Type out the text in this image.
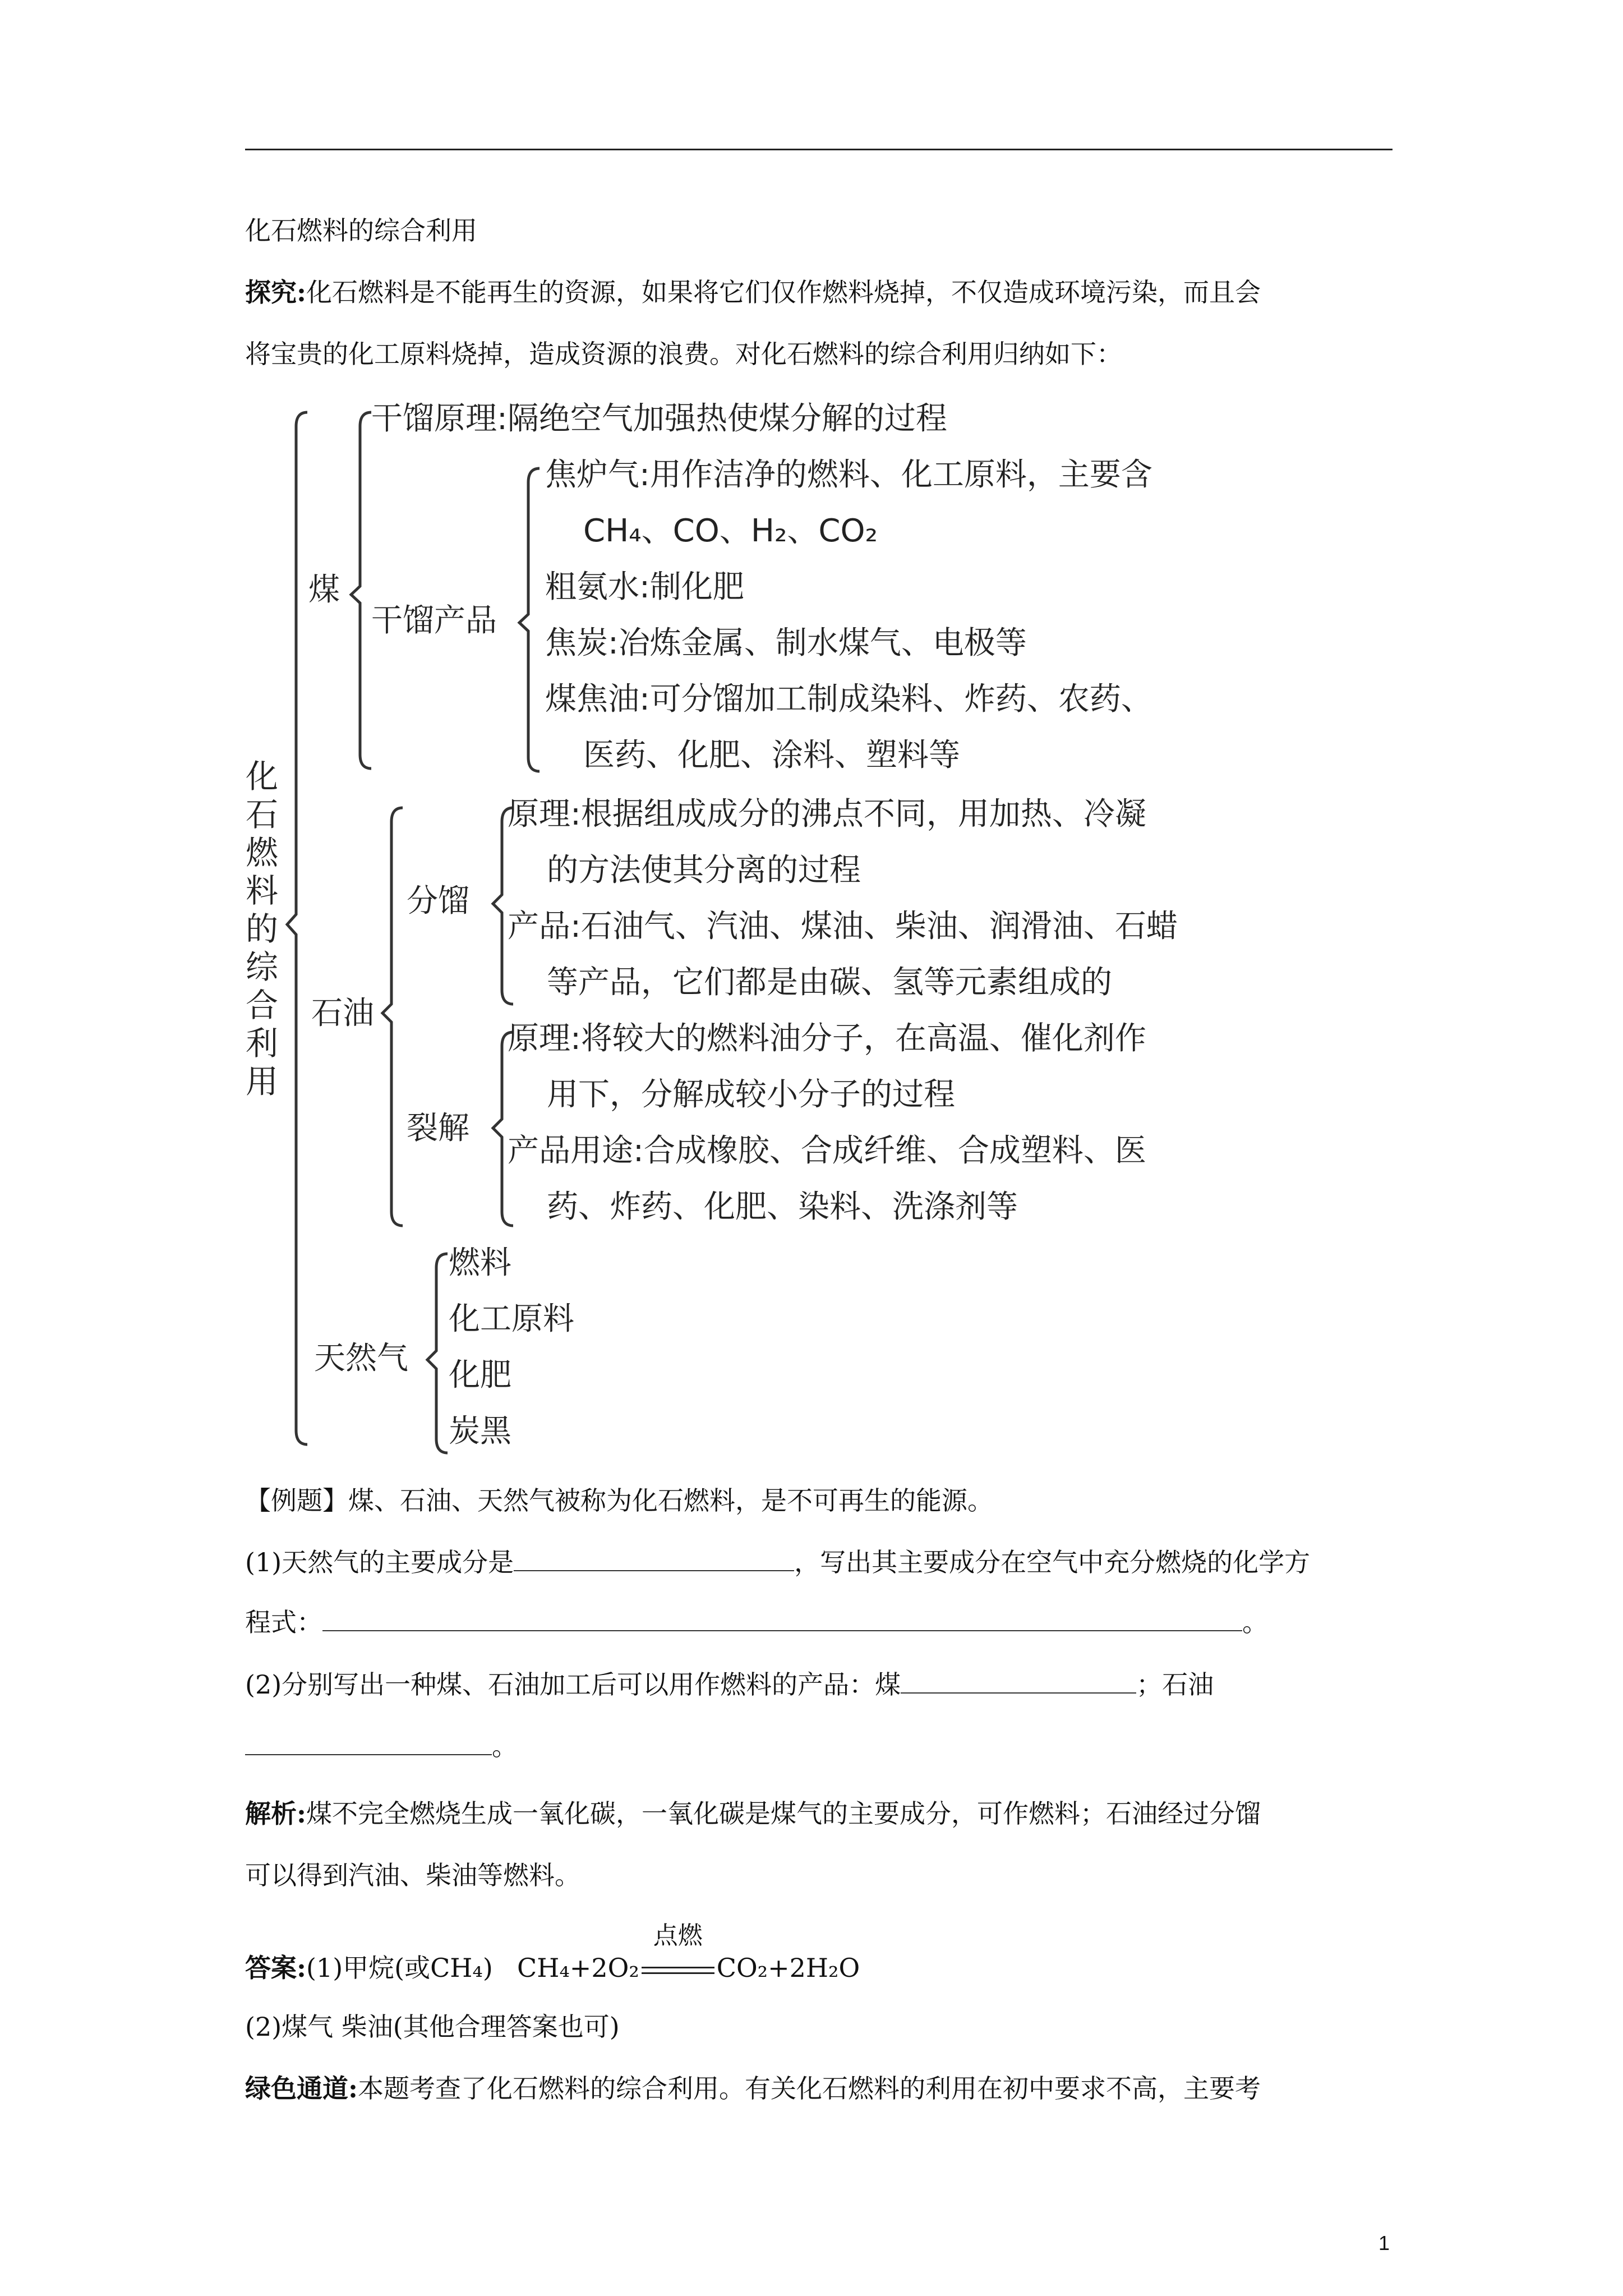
化石燃料的综合利用
探究:化石燃料是不能再生的资源，如果将它们仅作燃料烧掉，不仅造成环境污染，而且会
将宝贵的化工原料烧掉，造成资源的浪费。对化石燃料的综合利用归纳如下：
化石燃料的综合利用
煤
干馏原理:隔绝空气加强热使煤分解的过程
干馏产品
焦炉气:用作洁净的燃料、化工原料，主要含
CH₄、CO、H₂、CO₂
粗氨水:制化肥
焦炭:冶炼金属、制水煤气、电极等
煤焦油:可分馏加工制成染料、炸药、农药、
医药、化肥、涂料、塑料等
石油
分馏
原理:根据组成成分的沸点不同，用加热、冷凝
的方法使其分离的过程
产品:石油气、汽油、煤油、柴油、润滑油、石蜡
等产品，它们都是由碳、氢等元素组成的
裂解
原理:将较大的燃料油分子，在高温、催化剂作
用下，分解成较小分子的过程
产品用途:合成橡胶、合成纤维、合成塑料、医
药、炸药、化肥、染料、洗涤剂等
天然气
燃料
化工原料
化肥
炭黑
【例题】煤、石油、天然气被称为化石燃料，是不可再生的能源。
(1)天然气的主要成分是	，写出其主要成分在空气中充分燃烧的化学方
程式：	。
(2)分别写出一种煤、石油加工后可以用作燃料的产品：煤	；石油
。
解析:煤不完全燃烧生成一氧化碳，一氧化碳是煤气的主要成分，可作燃料；石油经过分馏
可以得到汽油、柴油等燃料。
答案:(1)甲烷(或CH₄) CH₄+2O₂
点燃
CO₂+2H₂O
(2)煤气 柴油(其他合理答案也可)
绿色通道:本题考查了化石燃料的综合利用。有关化石燃料的利用在初中要求不高，主要考
1
